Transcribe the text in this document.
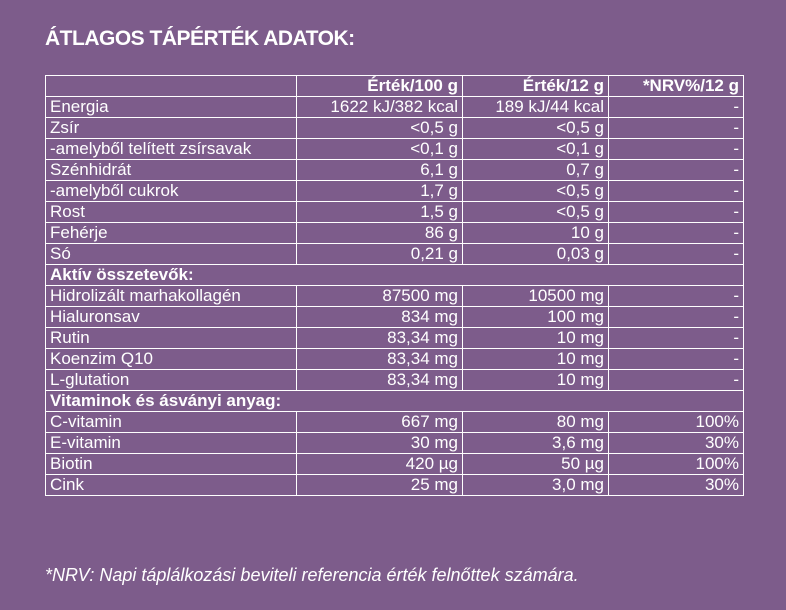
ÁTLAGOS TÁPÉRTÉK ADATOK:
	Érték/100 g	Érték/12 g	*NRV%/12 g
Energia	1622 kJ/382 kcal	189 kJ/44 kcal	-
Zsír	<0,5 g	<0,5 g	-
-amelyből telített zsírsavak	<0,1 g	<0,1 g	-
Szénhidrát	6,1 g	0,7 g	-
-amelyből cukrok	1,7 g	<0,5 g	-
Rost	1,5 g	<0,5 g	-
Fehérje	86 g	10 g	-
Só	0,21 g	0,03 g	-
Aktív összetevők:			
Hidrolizált marhakollagén	87500 mg	10500 mg	-
Hialuronsav	834 mg	100 mg	-
Rutin	83,34 mg	10 mg	-
Koenzim Q10	83,34 mg	10 mg	-
L-glutation	83,34 mg	10 mg	-
Vitaminok és ásványi anyag:			
C-vitamin	667 mg	80 mg	100%
E-vitamin	30 mg	3,6 mg	30%
Biotin	420 µg	50 µg	100%
Cink	25 mg	3,0 mg	30%
*NRV: Napi táplálkozási beviteli referencia érték felnőttek számára.
